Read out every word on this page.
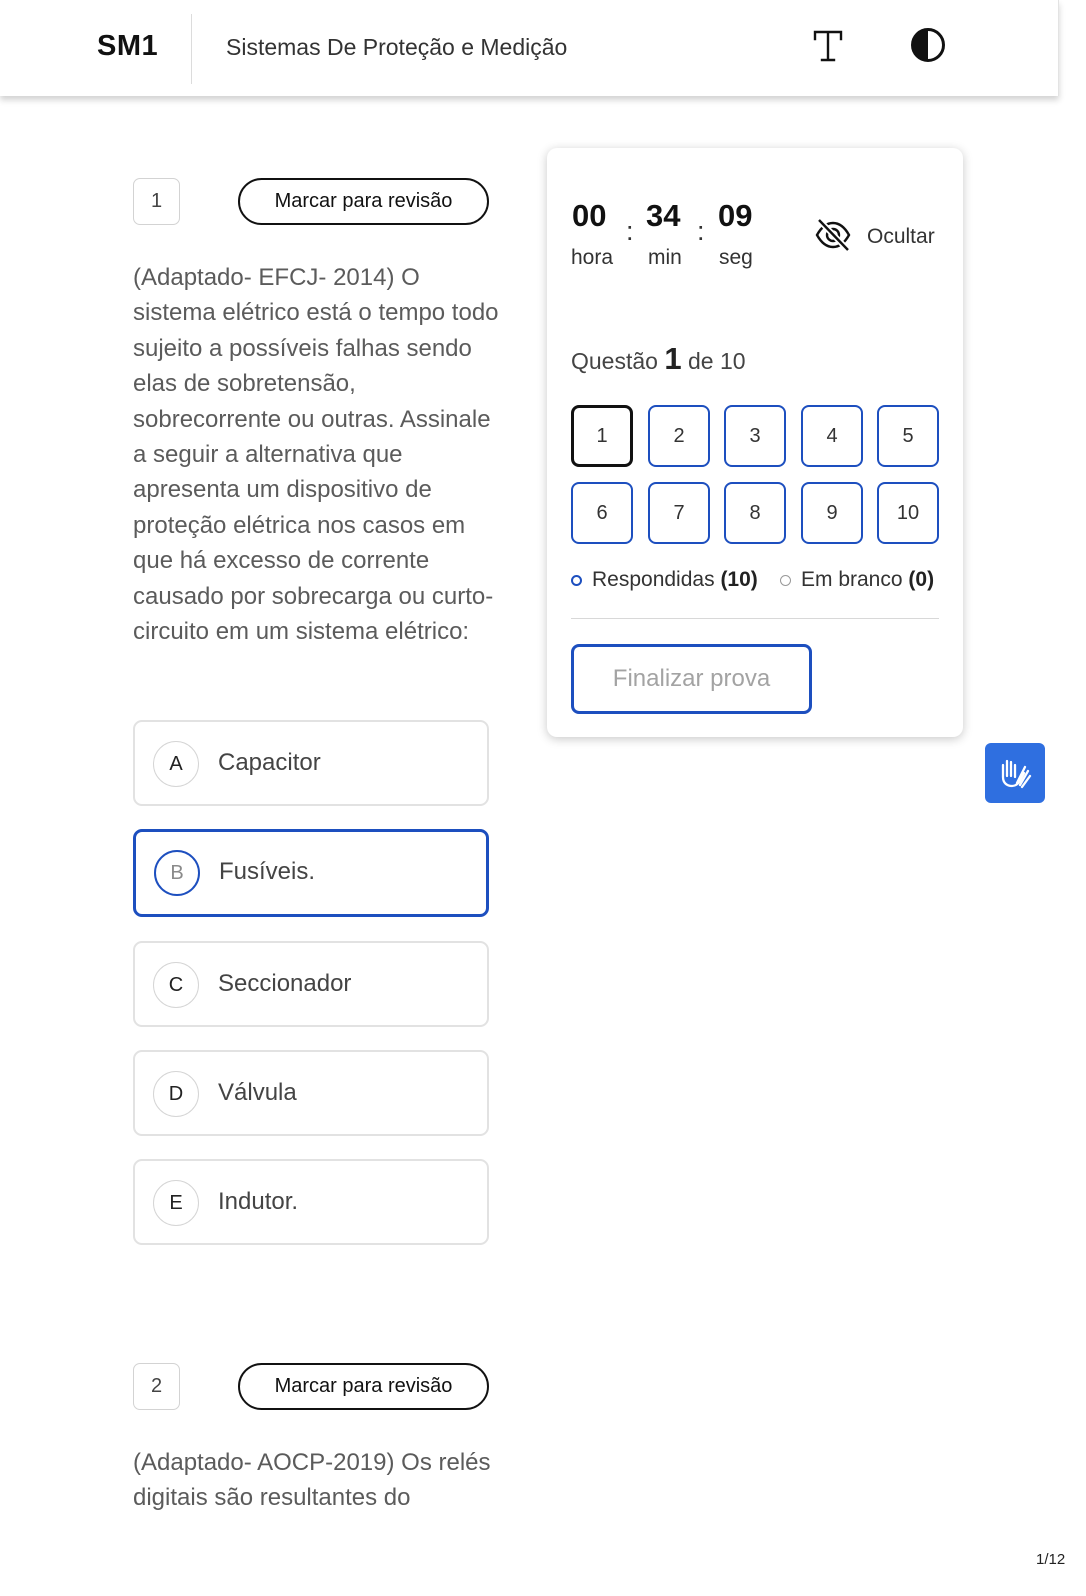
SM1	Sistemas De Proteção e Medição
1	Marcar para revisão
(Adaptado- EFCJ- 2014) O sistema elétrico está o tempo todo sujeito a possíveis falhas sendo elas de sobretensão, sobrecorrente ou outras. Assinale a seguir a alternativa que apresenta um dispositivo de proteção elétrica nos casos em que há excesso de corrente causado por sobrecarga ou curto-circuito em um sistema elétrico:
A	Capacitor
B	Fusíveis.
C	Seccionador
D	Válvula
E	Indutor.
2	Marcar para revisão
(Adaptado- AOCP-2019) Os relés digitais são resultantes do
00 : 34 : 09
hora min seg
Ocultar
Questão 1 de 10
1	2	3	4	5
6	7	8	9	10
Respondidas (10) Em branco (0)
Finalizar prova
1/12
